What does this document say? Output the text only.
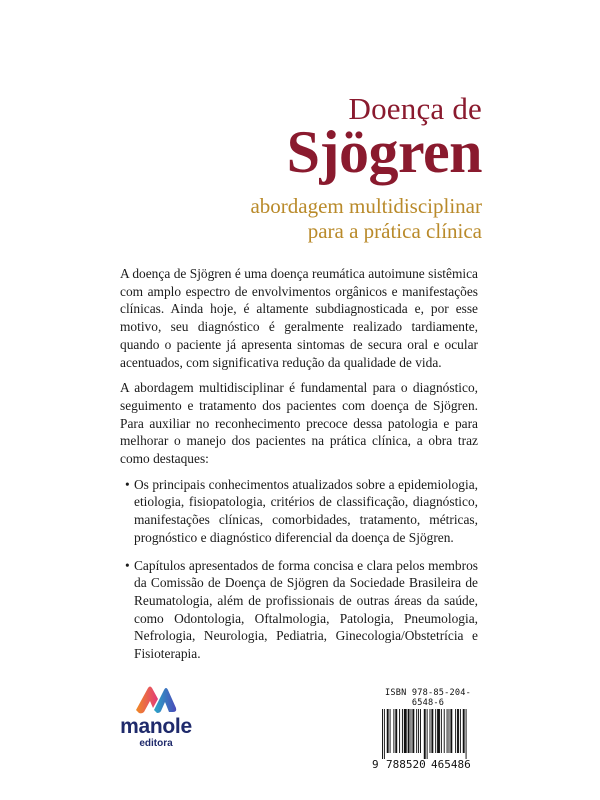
Doença de
Sjögren
abordagem multidisciplinar
para a prática clínica

A doença de Sjögren é uma doença reumática autoimune sistêmica com amplo espectro de envolvimentos orgânicos e manifestações clínicas. Ainda hoje, é altamente subdiagnosticada e, por esse motivo, seu diagnóstico é geralmente realizado tardiamente, quando o paciente já apresenta sintomas de secura oral e ocular acentuados, com significativa redução da qualidade de vida.

A abordagem multidisciplinar é fundamental para o diagnóstico, seguimento e tratamento dos pacientes com doença de Sjögren. Para auxiliar no reconhecimento precoce dessa patologia e para melhorar o manejo dos pacientes na prática clínica, a obra traz como destaques:

• Os principais conhecimentos atualizados sobre a epidemiologia, etiologia, fisiopatologia, critérios de classificação, diagnóstico, manifestações clínicas, comorbidades, tratamento, métricas, prognóstico e diagnóstico diferencial da doença de Sjögren.
• Capítulos apresentados de forma concisa e clara pelos membros da Comissão de Doença de Sjögren da Sociedade Brasileira de Reumatologia, além de profissionais de outras áreas da saúde, como Odontologia, Oftalmologia, Patologia, Pneumologia, Nefrologia, Neurologia, Pediatria, Ginecologia/Obstetrícia e Fisioterapia.
manole
editora
ISBN 978-85-204-6548-6
9 788520 465486
